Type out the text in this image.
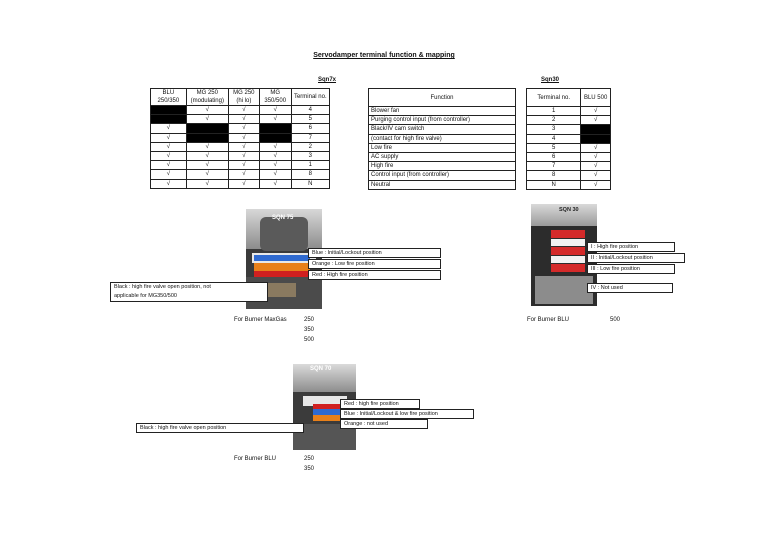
Servodamper terminal function & mapping
Sqn7x	Sqn30
BLU 250/350	MG 250 (modulating)	MG 250 (hi lo)	MG 350/500	Terminal no.
	√	√	√	4
	√	√	√	5
√		√		6
√		√		7
√	√	√	√	2
√	√	√	√	3
√	√	√	√	1
√	√	√	√	8
√	√	√	√	N
Function
Blower fan
Purging control input (from controller)
Black/IV cam switch
(contact for high fire valve)
Low fire
AC supply
High fire
Control input (from controller)
Neutral
Terminal no.	BLU 500
1	√
2	√
3	
4	
5	√
6	√
7	√
8	√
N	√
SQN 75
Blue : Initial/Lockout position
Orange : Low fire position
Red : High fire position
Black : high fire valve open position, not
applicable for MG350/500
For Burner MaxGas	250
350
500
SQN 30
I : High fire position
II : Initial/Lockout position
III : Low fire position
IV : Not used
For Burner BLU	500
SQN 70
Red : high fire position
Blue : Initial/Lockout & low fire position
Orange : not used
Black : high fire valve open position
For Burner BLU	250
350
